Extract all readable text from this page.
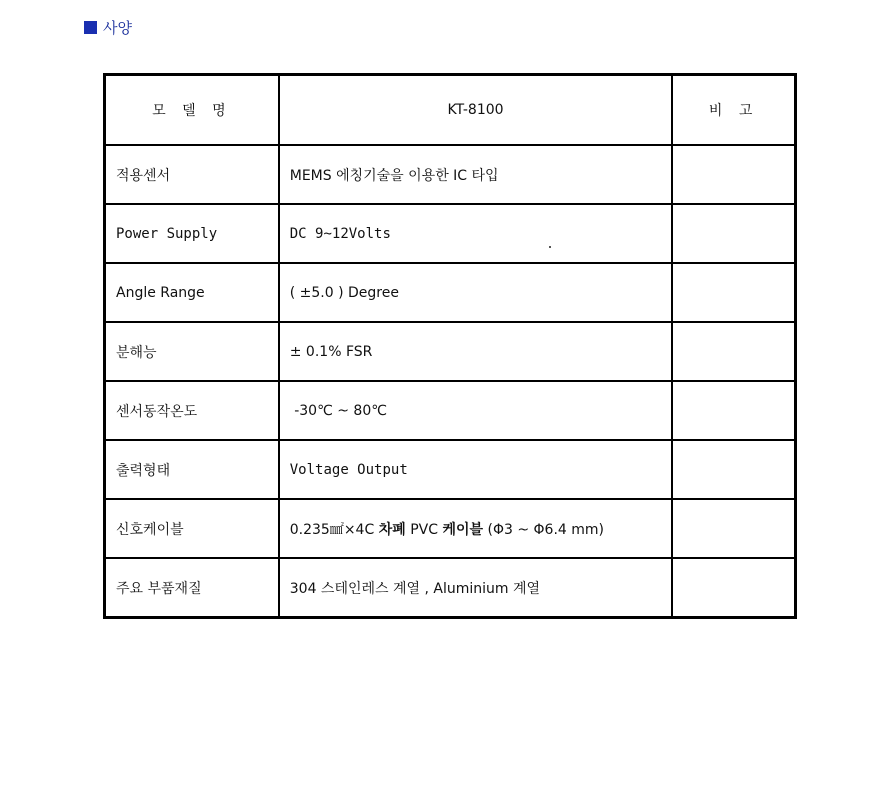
사양
모 델 명	KT-8100	비 고
적용센서	MEMS 에칭기술을 이용한 IC 타입	
Power Supply	DC 9~12Volts	
Angle Range	( ±5.0 ) Degree	
분해능	± 0.1% FSR	
센서동작온도	-30℃ ~ 80℃	
출력형태	Voltage Output	
신호케이블	0.235㎟×4C 차폐 PVC 케이블 (Φ3 ~ Φ6.4 mm)	
주요 부품재질	304 스테인레스 계열 , Aluminium 계열	
